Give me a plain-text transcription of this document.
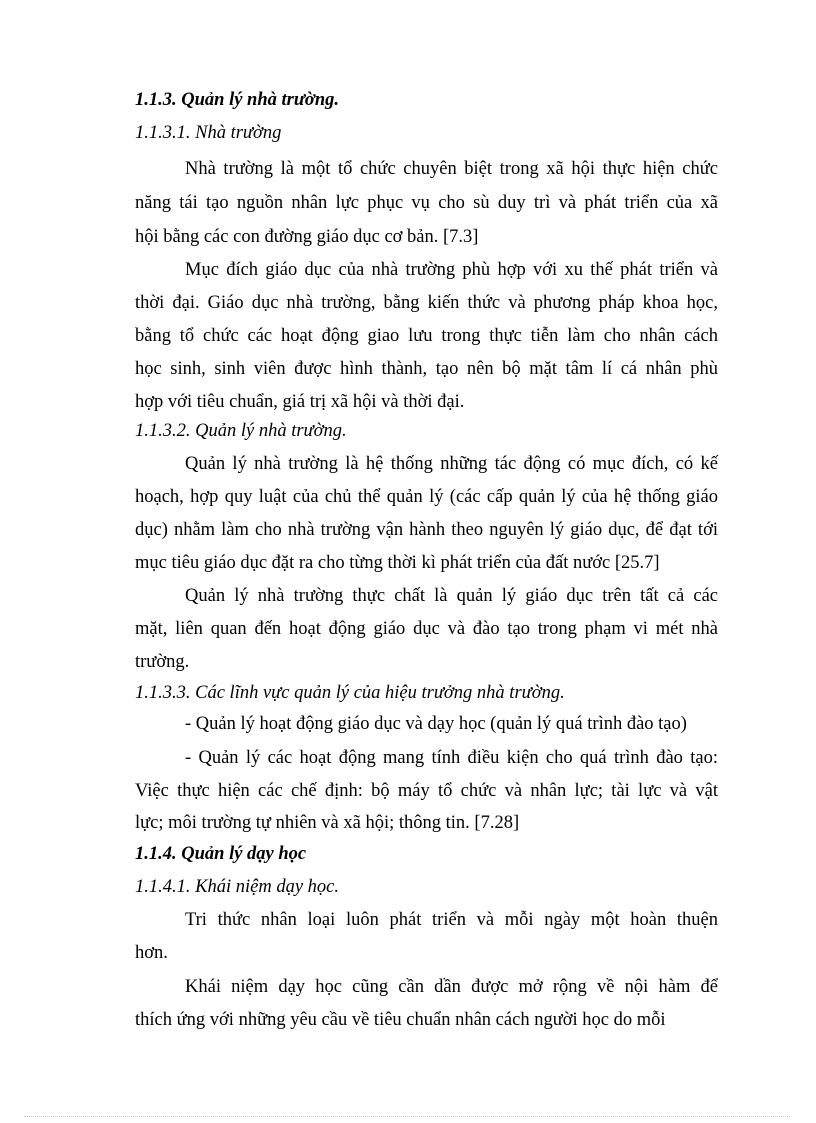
1.1.3. Quản lý nhà trường.
1.1.3.1. Nhà trường
Nhà trường là một tổ chức chuyên biệt trong xã hội thực hiện chức
năng tái tạo nguồn nhân lực phục vụ cho sù duy trì và phát triển của xã
hội bằng các con đường giáo dục cơ bản. [7.3]
Mục đích giáo dục của nhà trường phù hợp với xu thế phát triển và
thời đại. Giáo dục nhà trường, bằng kiến thức và phương pháp khoa học,
bằng tổ chức các hoạt động giao lưu trong thực tiễn làm cho nhân cách
học sinh, sinh viên được hình thành, tạo nên bộ mặt tâm lí cá nhân phù
hợp với tiêu chuẩn, giá trị xã hội và thời đại.
1.1.3.2. Quản lý nhà trường.
Quản lý nhà trường là hệ thống những tác động có mục đích, có kế
hoạch, hợp quy luật của chủ thể quản lý (các cấp quản lý của hệ thống giáo
dục) nhằm làm cho nhà trường vận hành theo nguyên lý giáo dục, để đạt tới
mục tiêu giáo dục đặt ra cho từng thời kì phát triển của đất nước [25.7]
Quản lý nhà trường thực chất là quản lý giáo dục trên tất cả các
mặt, liên quan đến hoạt động giáo dục và đào tạo trong phạm vi mét nhà
trường.
1.1.3.3. Các lĩnh vực quản lý của hiệu trưởng nhà trường.
- Quản lý hoạt động giáo dục và dạy học (quản lý quá trình đào tạo)
- Quản lý các hoạt động mang tính điều kiện cho quá trình đào tạo:
Việc thực hiện các chế định: bộ máy tổ chức và nhân lực; tài lực và vật
lực; môi trường tự nhiên và xã hội; thông tin. [7.28]
1.1.4. Quản lý dạy học
1.1.4.1. Khái niệm dạy học.
Tri thức nhân loại luôn phát triển và mỗi ngày một hoàn thuện
hơn.
Khái niệm dạy học cũng cần dần được mở rộng về nội hàm để
thích ứng với những yêu cầu về tiêu chuẩn nhân cách người học do mỗi
